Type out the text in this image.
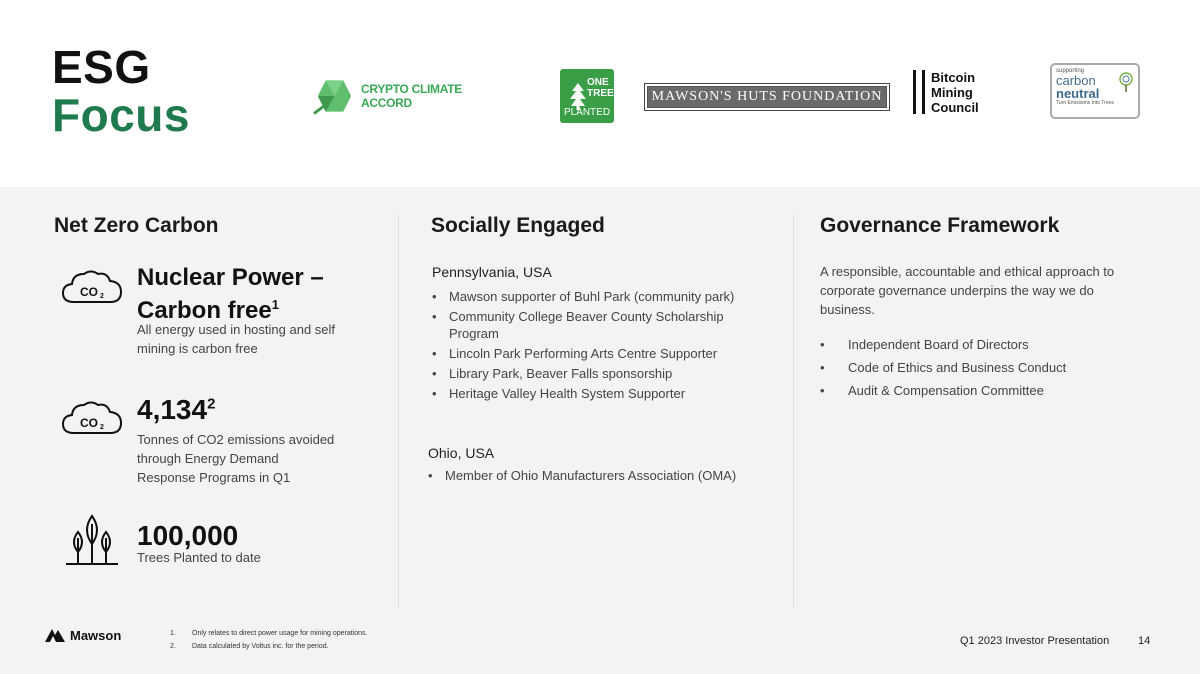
ESG
Focus	CRYPTO CLIMATE ACCORD
ONE
TREE
PLANTED
MAWSON'S HUTS FOUNDATION
Bitcoin
Mining
Council
supporting
carbon
neutral
Turn Emissions Into Trees
Net Zero Carbon
CO 2
Nuclear Power –
Carbon free$^1$
All energy used in hosting and self mining is carbon free
CO 2
4,134$^2$
Tonnes of CO2 emissions avoided through Energy Demand Response Programs in Q1
100,000
Trees Planted to date
Socially Engaged
Pennsylvania, USA
• Mawson supporter of Buhl Park (community park)
• Community College Beaver County Scholarship Program
• Lincoln Park Performing Arts Centre Supporter
• Library Park, Beaver Falls sponsorship
• Heritage Valley Health System Supporter
Ohio, USA
• Member of Ohio Manufacturers Association (OMA)
Governance Framework
A responsible, accountable and ethical approach to corporate governance underpins the way we do business.
• Independent Board of Directors
• Code of Ethics and Business Conduct
• Audit & Compensation Committee
Mawson	1. Only relates to direct power usage for mining operations.
2. Data calculated by Voltus inc. for the period.	Q1 2023 Investor Presentation	14
